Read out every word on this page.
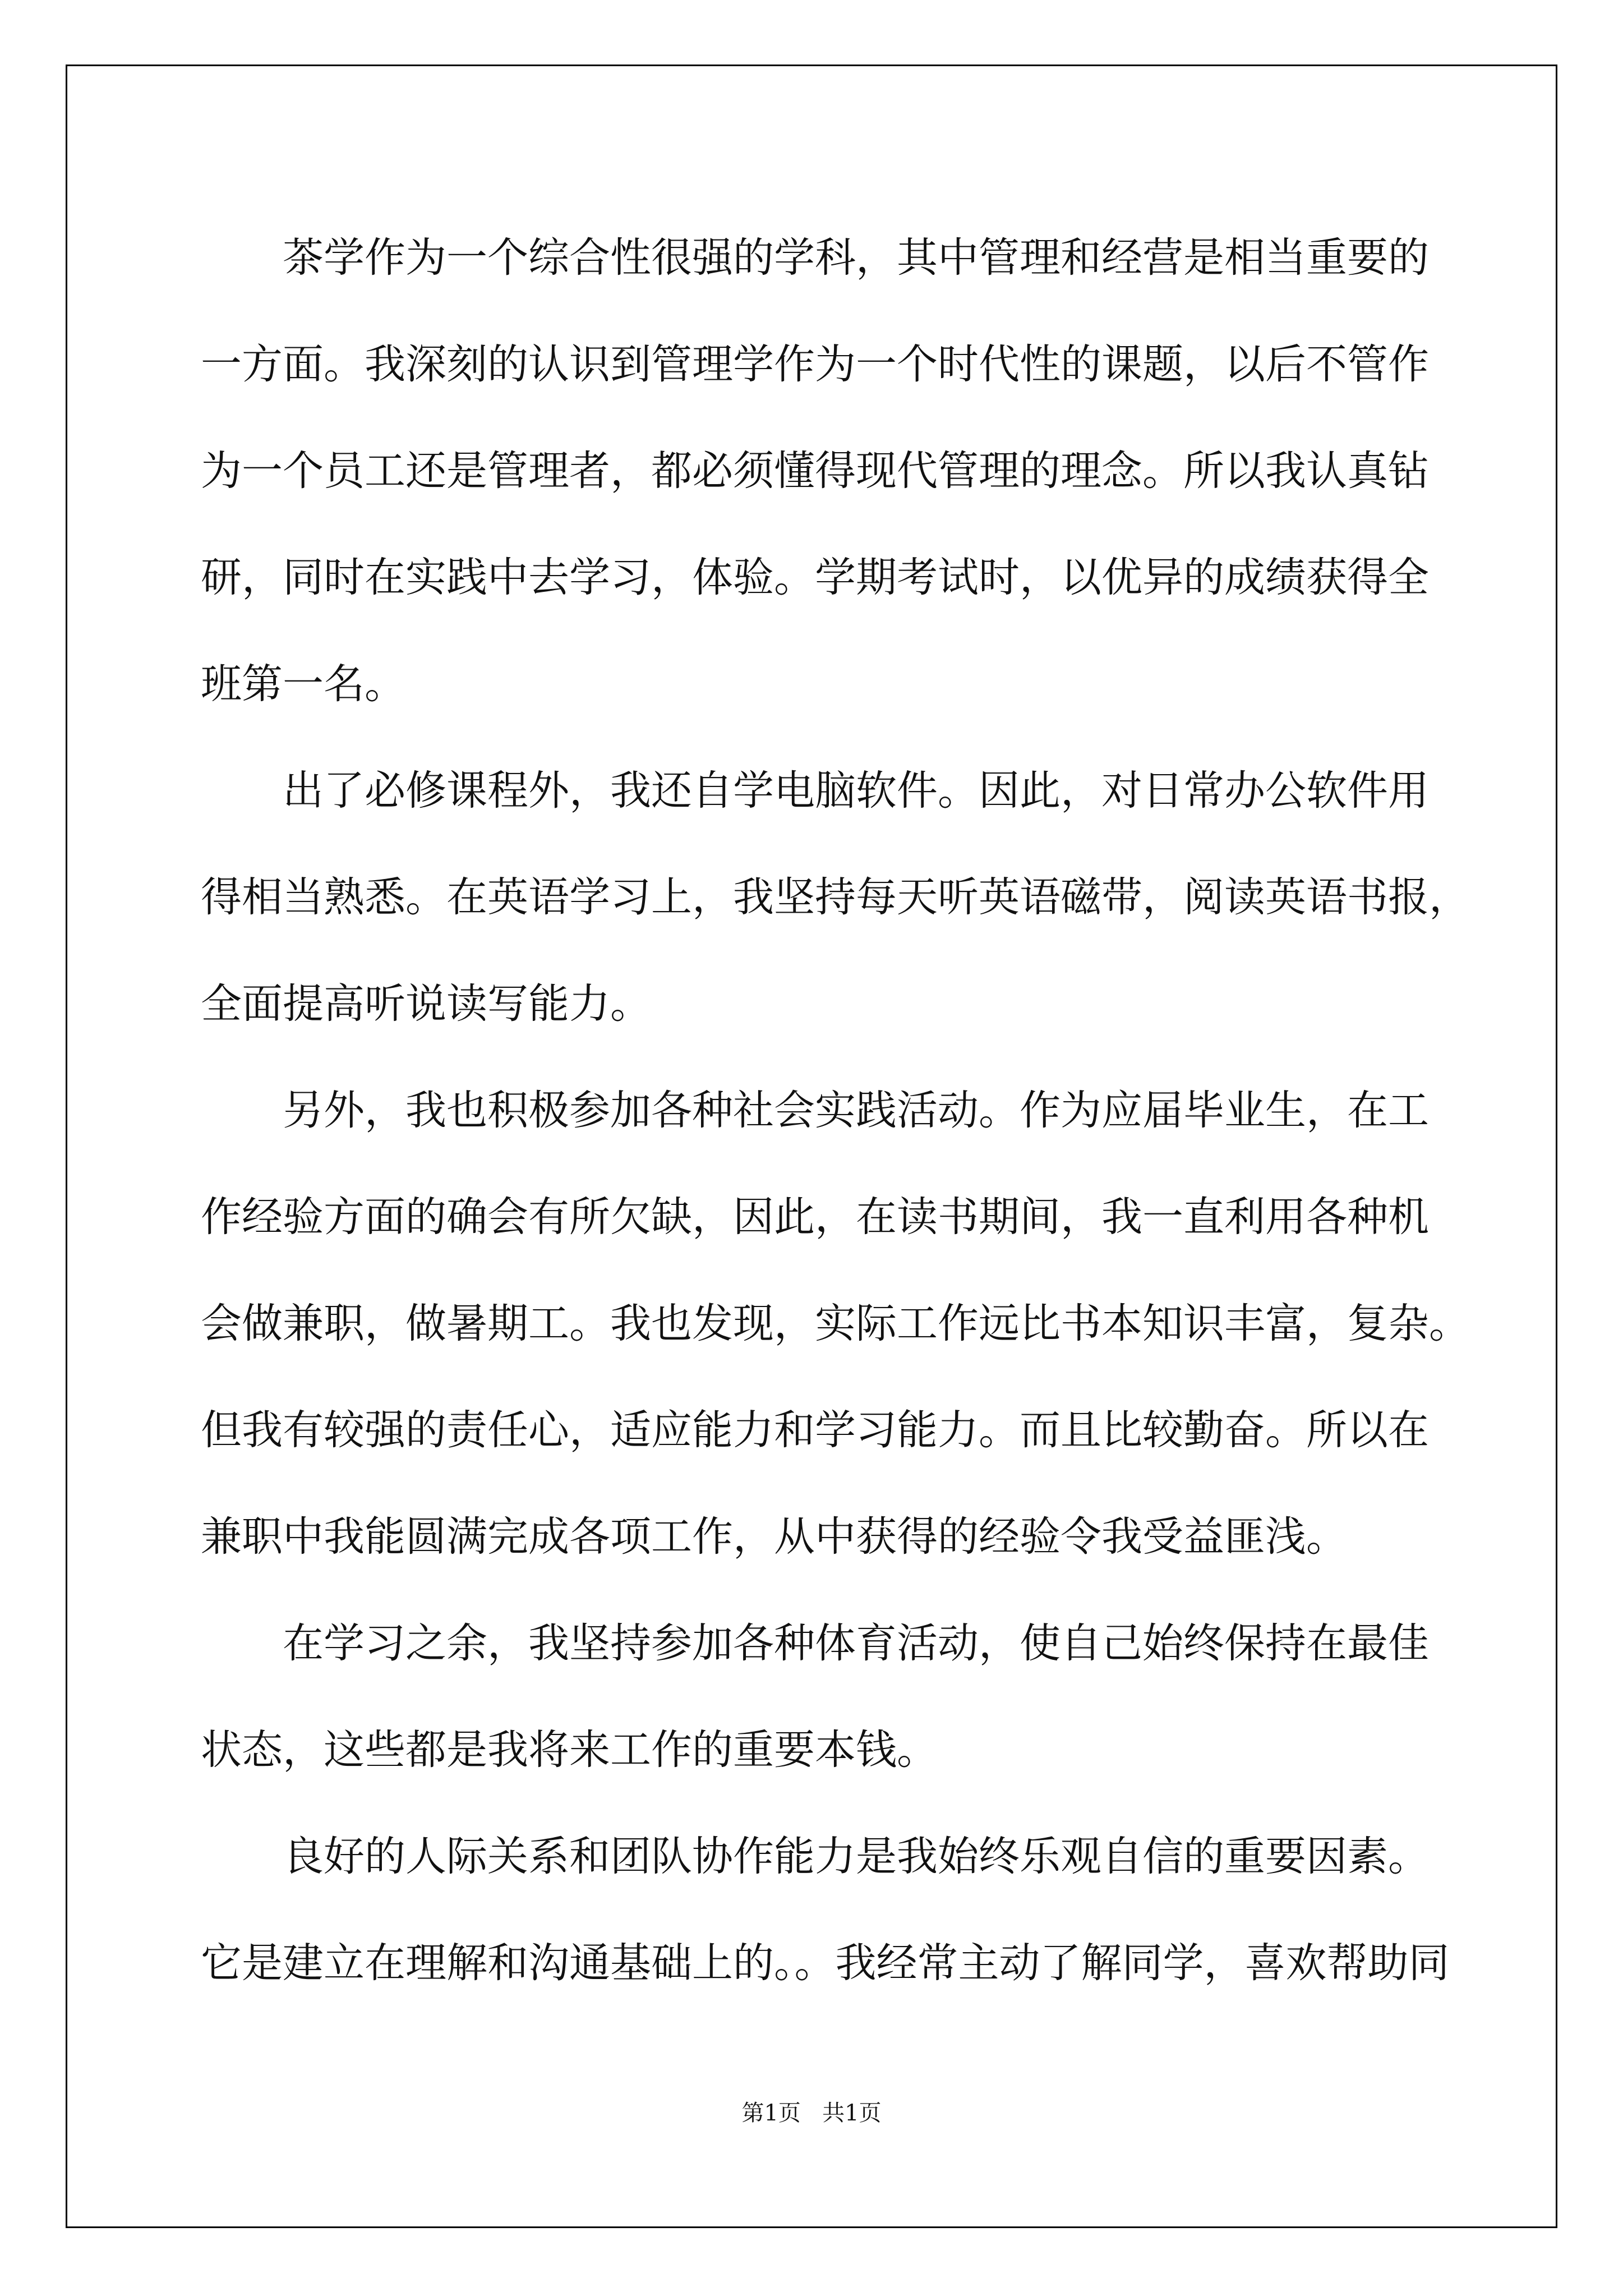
茶学作为一个综合性很强的学科，其中管理和经营是相当重要的
一方面。我深刻的认识到管理学作为一个时代性的课题，以后不管作
为一个员工还是管理者，都必须懂得现代管理的理念。所以我认真钻
研，同时在实践中去学习，体验。学期考试时，以优异的成绩获得全
班第一名。
出了必修课程外，我还自学电脑软件。因此，对日常办公软件用
得相当熟悉。在英语学习上，我坚持每天听英语磁带，阅读英语书报，
全面提高听说读写能力。
另外，我也积极参加各种社会实践活动。作为应届毕业生，在工
作经验方面的确会有所欠缺，因此，在读书期间，我一直利用各种机
会做兼职，做暑期工。我也发现，实际工作远比书本知识丰富，复杂。
但我有较强的责任心，适应能力和学习能力。而且比较勤奋。所以在
兼职中我能圆满完成各项工作，从中获得的经验令我受益匪浅。
在学习之余，我坚持参加各种体育活动，使自己始终保持在最佳
状态，这些都是我将来工作的重要本钱。
良好的人际关系和团队协作能力是我始终乐观自信的重要因素。
它是建立在理解和沟通基础上的。。我经常主动了解同学，喜欢帮助同
第1页 共1页
